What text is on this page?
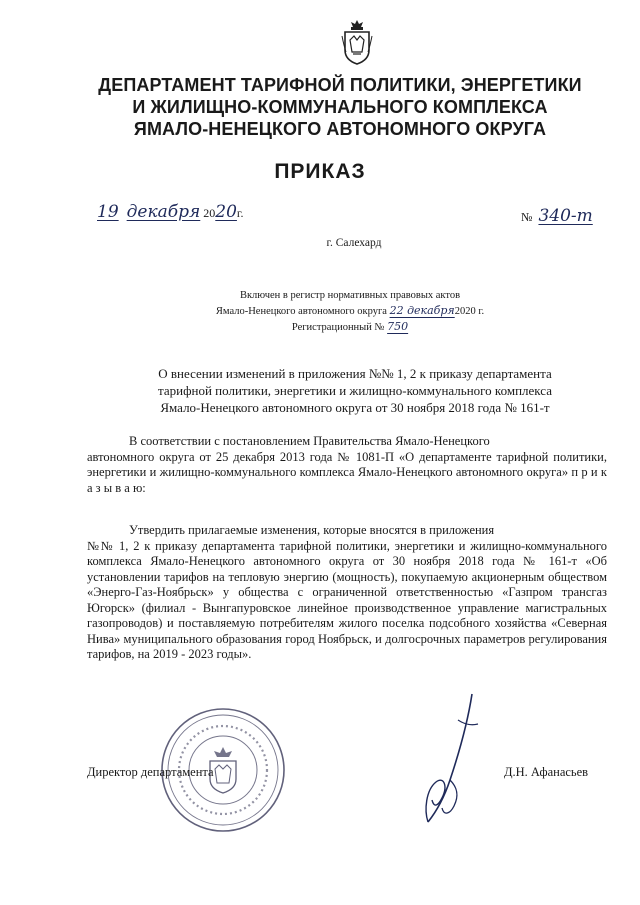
ДЕПАРТАМЕНТ ТАРИФНОЙ ПОЛИТИКИ, ЭНЕРГЕТИКИ
И ЖИЛИЩНО-КОММУНАЛЬНОГО КОМПЛЕКСА
ЯМАЛО-НЕНЕЦКОГО АВТОНОМНОГО ОКРУГА
ПРИКАЗ
19 декабря 2020г.	№ 340-т
г. Салехард
Включен в регистр нормативных правовых актов
Ямало-Ненецкого автономного округа 22 декабря2020 г.
Регистрационный № 750
О внесении изменений в приложения №№ 1, 2 к приказу департамента
тарифной политики, энергетики и жилищно-коммунального комплекса
Ямало-Ненецкого автономного округа от 30 ноября 2018 года № 161-т
В соответствии с постановлением Правительства Ямало-Ненецкого
автономного округа от 25 декабря 2013 года № 1081-П «О департаменте тарифной политики, энергетики и жилищно-коммунального комплекса Ямало-Ненецкого автономного округа» п р и к а з ы в а ю:
Утвердить прилагаемые изменения, которые вносятся в приложения
№№ 1, 2 к приказу департамента тарифной политики, энергетики и жилищно-коммунального комплекса Ямало-Ненецкого автономного округа от 30 ноября 2018 года № 161-т «Об установлении тарифов на тепловую энергию (мощность), покупаемую акционерным обществом «Энерго-Газ-Ноябрьск» у общества с ограниченной ответственностью «Газпром трансгаз Югорск» (филиал - Вынгапуровское линейное производственное управление магистральных газопроводов) и поставляемую потребителям жилого поселка подсобного хозяйства «Северная Нива» муниципального образования город Ноябрьск, и долгосрочных параметров регулирования тарифов, на 2019 - 2023 годы».
Директор департамента	Д.Н. Афанасьев
